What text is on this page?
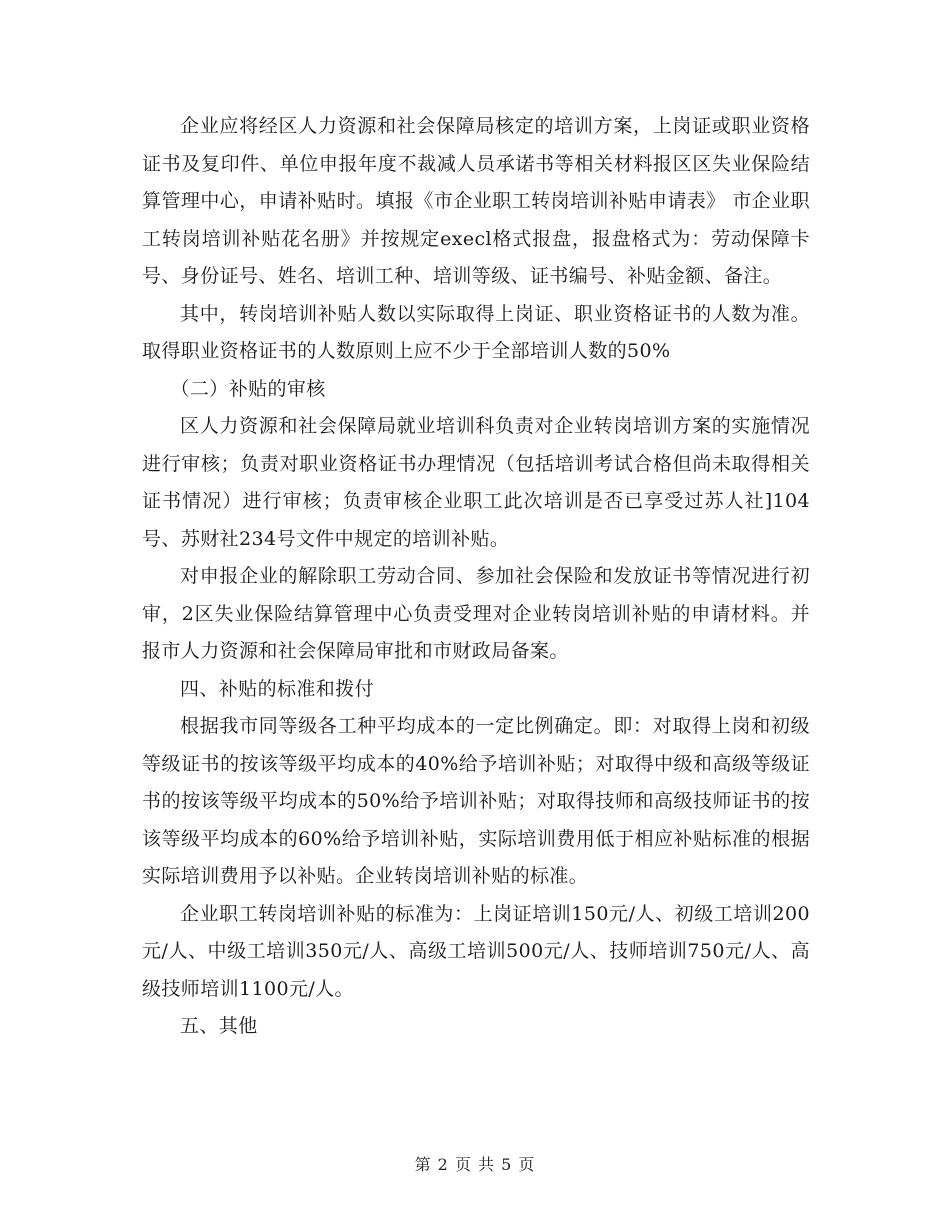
企业应将经区人力资源和社会保障局核定的培训方案，上岗证或职业资格证书及复印件、单位申报年度不裁减人员承诺书等相关材料报区区失业保险结算管理中心，申请补贴时。填报《市企业职工转岗培训补贴申请表》 市企业职工转岗培训补贴花名册》并按规定execl格式报盘，报盘格式为：劳动保障卡号、身份证号、姓名、培训工种、培训等级、证书编号、补贴金额、备注。

其中，转岗培训补贴人数以实际取得上岗证、职业资格证书的人数为准。取得职业资格证书的人数原则上应不少于全部培训人数的50%

（二）补贴的审核

区人力资源和社会保障局就业培训科负责对企业转岗培训方案的实施情况进行审核；负责对职业资格证书办理情况（包括培训考试合格但尚未取得相关证书情况）进行审核；负责审核企业职工此次培训是否已享受过苏人社]104号、苏财社234号文件中规定的培训补贴。

对申报企业的解除职工劳动合同、参加社会保险和发放证书等情况进行初审，2区失业保险结算管理中心负责受理对企业转岗培训补贴的申请材料。并报市人力资源和社会保障局审批和市财政局备案。

四、补贴的标准和拨付

根据我市同等级各工种平均成本的一定比例确定。即：对取得上岗和初级等级证书的按该等级平均成本的40%给予培训补贴；对取得中级和高级等级证书的按该等级平均成本的50%给予培训补贴；对取得技师和高级技师证书的按该等级平均成本的60%给予培训补贴，实际培训费用低于相应补贴标准的根据实际培训费用予以补贴。企业转岗培训补贴的标准。

企业职工转岗培训补贴的标准为：上岗证培训150元/人、初级工培训200元/人、中级工培训350元/人、高级工培训500元/人、技师培训750元/人、高级技师培训1100元/人。

五、其他

第 2 页 共 5 页
